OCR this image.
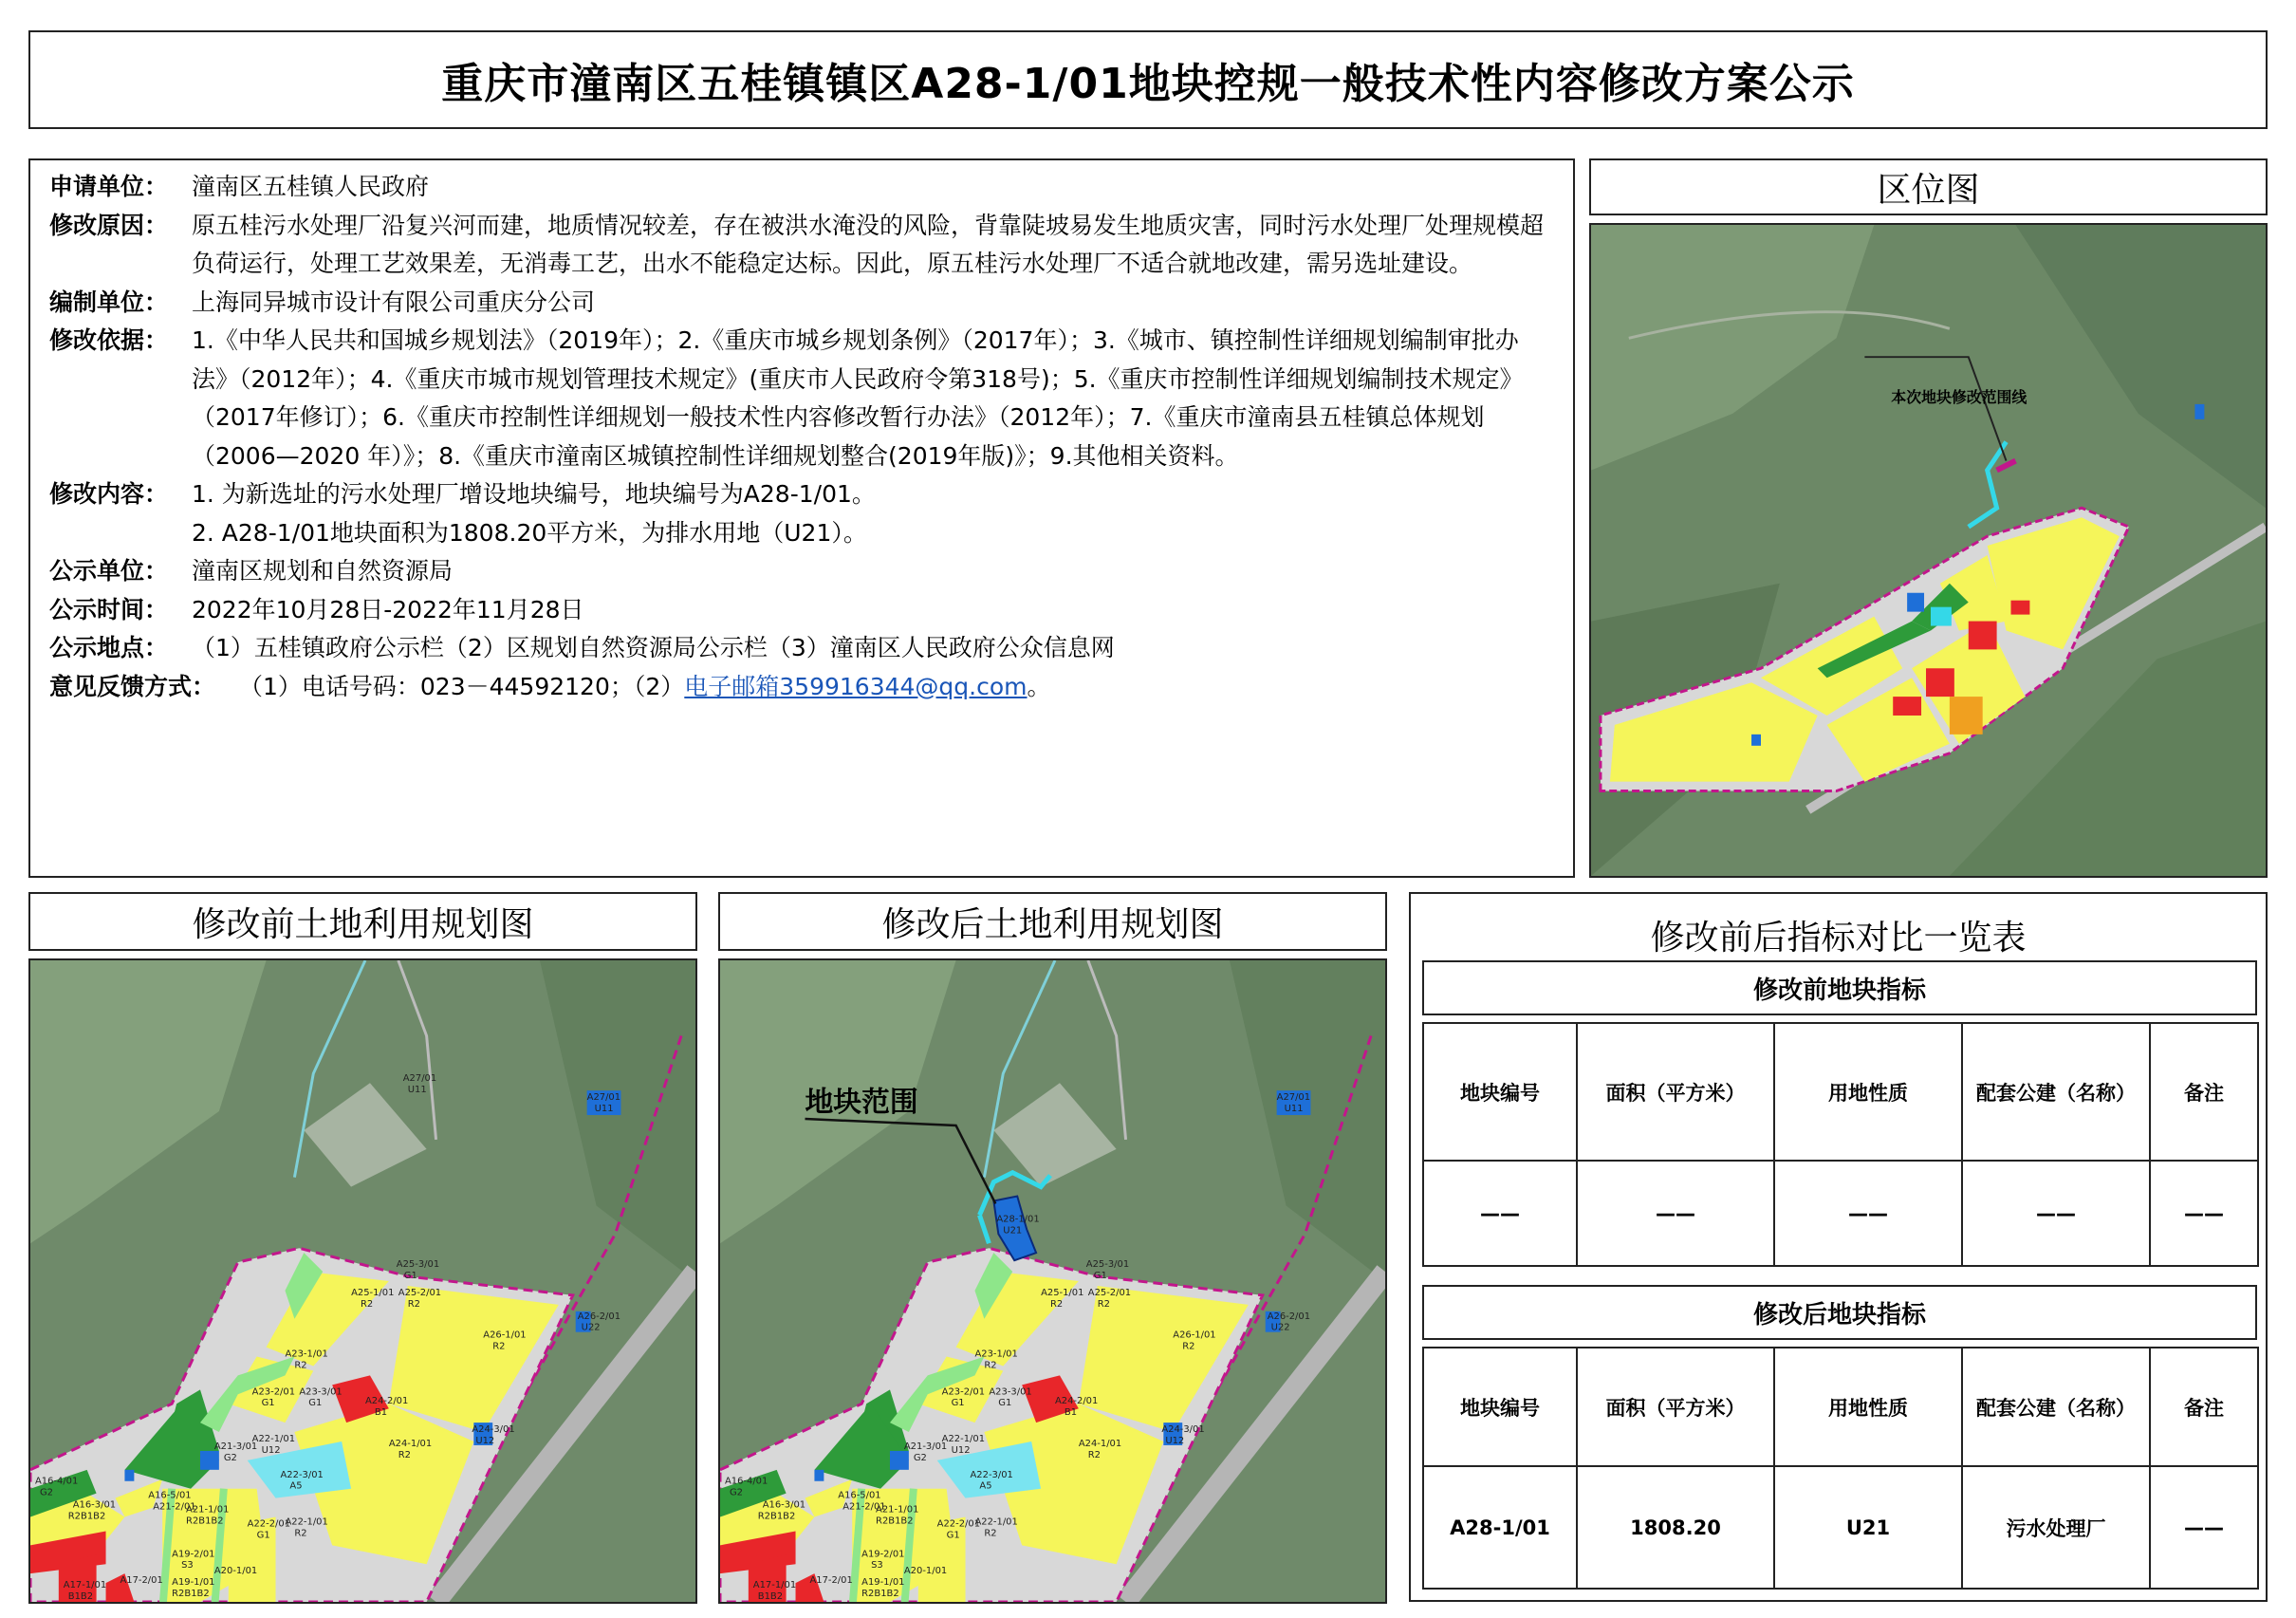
重庆市潼南区五桂镇镇区A28-1/01地块控规一般技术性内容修改方案公示
申请单位： 潼南区五桂镇人民政府
修改原因： 原五桂污水处理厂沿复兴河而建，地质情况较差，存在被洪水淹没的风险，背靠陡坡易发生地质灾害，同时污水处理厂处理规模超负荷运行，处理工艺效果差，无消毒工艺，出水不能稳定达标。因此，原五桂污水处理厂不适合就地改建，需另选址建设。
编制单位： 上海同异城市设计有限公司重庆分公司
修改依据： 1.《中华人民共和国城乡规划法》（2019年）；2.《重庆市城乡规划条例》（2017年）；3.《城市、镇控制性详细规划编制审批办法》（2012年）；4.《重庆市城市规划管理技术规定》(重庆市人民政府令第318号)；5.《重庆市控制性详细规划编制技术规定》（2017年修订）；6.《重庆市控制性详细规划一般技术性内容修改暂行办法》（2012年）；7.《重庆市潼南县五桂镇总体规划（2006—2020 年）》；8.《重庆市潼南区城镇控制性详细规划整合(2019年版)》；9.其他相关资料。
修改内容： 1. 为新选址的污水处理厂增设地块编号，地块编号为A28-1/01。
2. A28-1/01地块面积为1808.20平方米，为排水用地（U21）。
公示单位： 潼南区规划和自然资源局
公示时间： 2022年10月28日-2022年11月28日
公示地点： （1）五桂镇政府公示栏（2）区规划自然资源局公示栏（3）潼南区人民政府公众信息网
意见反馈方式： （1）电话号码：023－44592120；（2）电子邮箱359916344@qq.com。
区位图
本次地块修改范围线
修改前土地利用规划图
A27/01
U11
A27/01
U11
A25-3/01
G1
A25-1/01
R2
A25-2/01
R2
A26-1/01
R2
A26-2/01
U22
A23-1/01
R2
A23-2/01
G1
A23-3/01
G1	A24-2/01
B1
A24-1/01
R2
A24-3/01
U12
A21-3/01
G2
A22-1/01
U12
A22-3/01
A5
A22-2/01
G1
A22-1/01
R2
A16-4/01
G2
A16-3/01
R2B1B2
A16-5/01
A21-2/01
A21-1/01
R2B1B2
A19-2/01
S3
A20-1/01
A19-1/01
R2B1B2
A17-2/01
A17-1/01
B1B2
修改后土地利用规划图
地块范围
A28-1/01
U21
A27/01
U11
A25-3/01
G1
A25-1/01
R2
A25-2/01
R2
A26-1/01
R2
A26-2/01
U22
A23-1/01
R2
A23-2/01
G1
A23-3/01
G1	A24-2/01
B1
A24-1/01
R2
A24-3/01
U12
A21-3/01
G2
A22-1/01
U12
A22-3/01
A5
A22-2/01
G1
A22-1/01
R2
A16-4/01
G2
A16-3/01
R2B1B2
A16-5/01
A21-2/01
A21-1/01
R2B1B2
A19-2/01
S3
A20-1/01
A19-1/01
R2B1B2
A17-2/01
A17-1/01
B1B2
修改前后指标对比一览表
修改前地块指标
地块编号	面积（平方米）	用地性质	配套公建（名称）	备注
——	——	——	——	——
修改后地块指标
地块编号	面积（平方米）	用地性质	配套公建（名称）	备注
A28-1/01	1808.20	U21	污水处理厂	——
